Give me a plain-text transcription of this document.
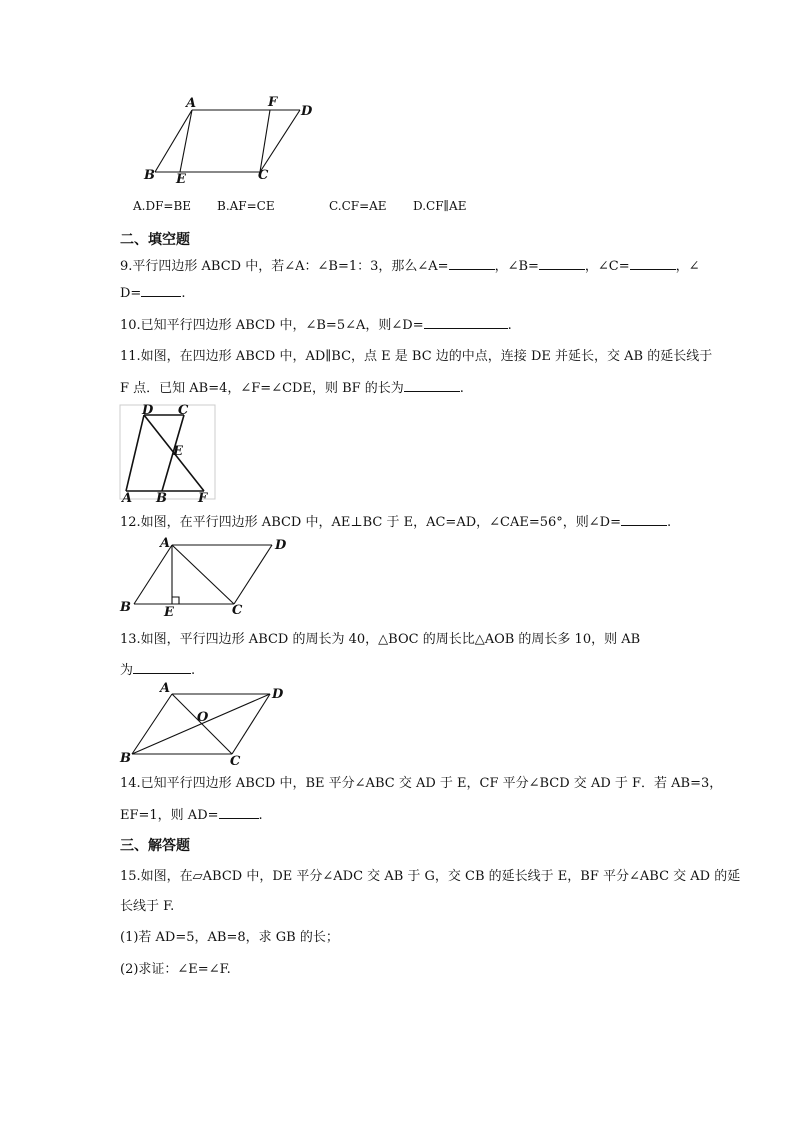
A	F
D
B E	C
A.DF=BE B.AF=CE	C.CF=AE D.CF∥AE
二、填空题
9.平行四边形 ABCD 中，若∠A：∠B=1：3，那么∠A=	，∠B=	，∠C=	，∠
D=	.
10.已知平行四边形 ABCD 中，∠B=5∠A，则∠D=	.
11.如图，在四边形 ABCD 中，AD∥BC，点 E 是 BC 边的中点，连接 DE 并延长，交 AB 的延长线于
F 点．已知 AB=4，∠F=∠CDE，则 BF 的长为	.
D C
E
A B F
12.如图，在平行四边形 ABCD 中，AE⊥BC 于 E，AC=AD，∠CAE=56°，则∠D=	.
A	D
B	E	C
13.如图，平行四边形 ABCD 的周长为 40，△BOC 的周长比△AOB 的周长多 10，则 AB
为	.
A	D
O
B	C
14.已知平行四边形 ABCD 中，BE 平分∠ABC 交 AD 于 E，CF 平分∠BCD 交 AD 于 F．若 AB=3，
EF=1，则 AD=	.
三、解答题
15.如图，在▱ABCD 中，DE 平分∠ADC 交 AB 于 G，交 CB 的延长线于 E，BF 平分∠ABC 交 AD 的延
长线于 F.
(1)若 AD=5，AB=8，求 GB 的长；
(2)求证：∠E=∠F.
